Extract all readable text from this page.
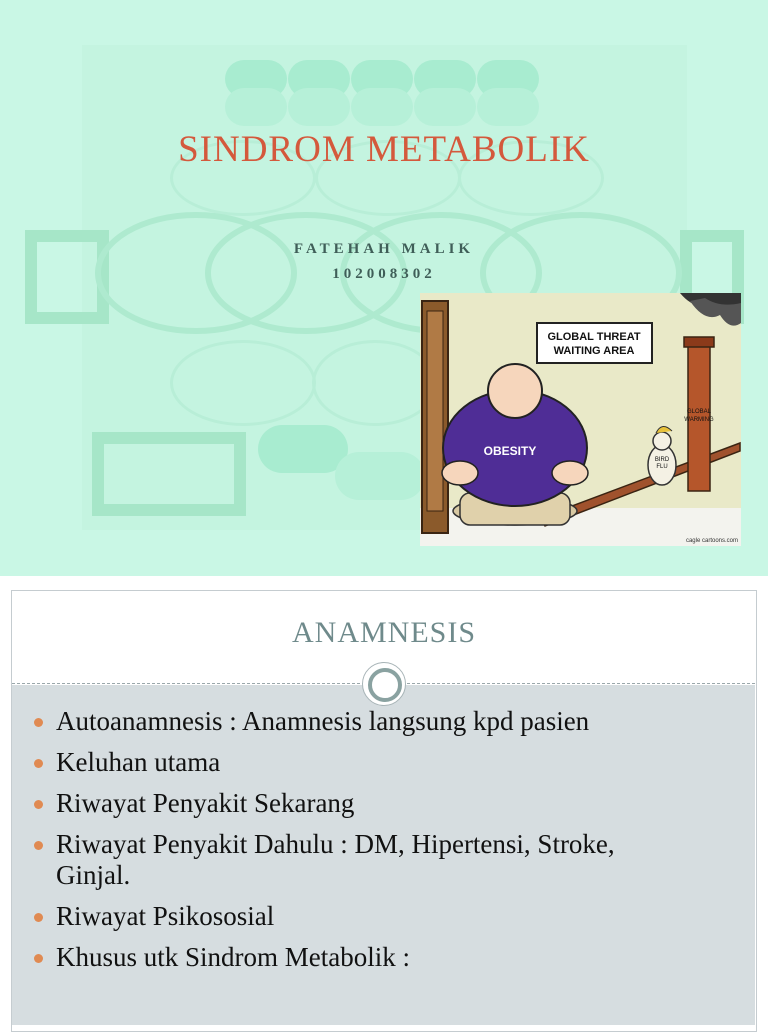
SINDROM METABOLIK
FATEHAH MALIK
102008302
GLOBAL THREAT
WAITING AREA
GLOBAL
WARMING
BIRD
FLU
OBESITY
cagle cartoons.com
ANAMNESIS
Autoanamnesis : Anamnesis langsung kpd pasien
Keluhan utama
Riwayat Penyakit Sekarang
Riwayat Penyakit Dahulu : DM, Hipertensi, Stroke,
Ginjal.
Riwayat Psikososial
Khusus utk Sindrom Metabolik :
